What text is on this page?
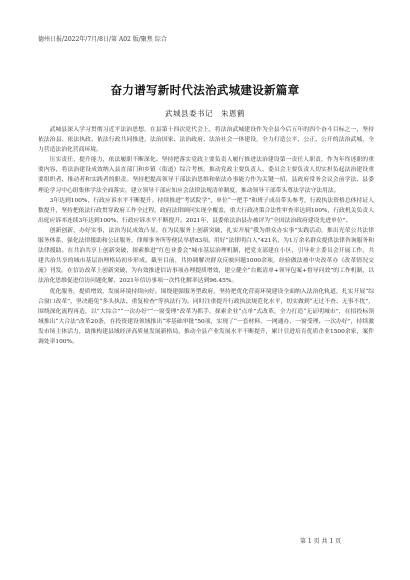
德州日报/2022年/7月/8日/第 A02 版/聚焦 综合
奋力谱写新时代法治武城建设新篇章
武城县委书记　朱恩鹤

武城县深入学习贯彻习近平法治思想，在县第十四次党代会上，将法治武城建设作为全县今后五年的四个奋斗目标之一，坚持依法治县、依法执政、依法行政共同推进，法治国家、法治政府、法治社会一体建设，全力打造公平、公正、公开的法治武城，全力营造法治化营商环境。

压实责任，提升能力，依法履职不断深化。坚持把落实党政主要负责人履行推进法治建设第一责任人职责，作为年终述职的重要内容，将法治建设成效纳入县直部门和乡镇（街道）综合考核，推动党政主要负责人、委员会主要负责人切实担负起法治建设重要组织者、推动者和实践者的职责。坚持把提高领导干部法治思维和依法办事能力作为关键一招，县政府常务会议会前学法、县委理论学习中心组集体学法全面落实，建立领导干部应知应会法律法规清单制度，推动领导干部带头尊法学法守法用法。

3年达到100%，行政应诉水平不断提升。持续推进“考试院学”，单位“一把手”和班子成员带头参考，行政执法资格总体持证人数提升，坚持把依法行政贯穿政府工作全过程，政府法律顾问实现全覆盖，重大行政决策合法性审查率达到100%，行政机关负责人出庭应诉率连续3年达到100%，行政应诉水平不断提升。2021年，县委依法治县办被评为“全国法治政府建设先进单位”。

创新创新，办好实事，法治为民成效凸显。在为民服务上创新突破，扎实开展“我为群众办实事”实践活动，推出光荣公共法律服务体系，强化法律援助和公证服务，律师事务所等便民举措83项。用好“法律明白人”421名，为1万余名群众提供法律咨询服务和法律援助。在共治共享上创新突破，探索推进“红色业委会”城市基层治理机制，把党支部建在小区，引导业主委员会开展工作，共建共治共享的城市基层治理格局初步形成。截至目前，共协调解决群众反映问题1000余项，经验做法被中央改革办《改革情况交流》刊发。在信访改革上创新突破，为有效推进信访事项办理提质增效，建立健全“台账清单+领导包案+督导问效”的工作机制，以法治化思维促进信访问题化解，2021年信访事项一次性化解率达到96.45%。

优化服务，提质增效，发展环境持续向好。围绕建强服务型政府，坚持把优化营商环境建设全面纳入法治化轨道，扎实开展“综合窗口改革”，坚决避免“多头执法、重复检查”等执法行为。同时注重提升行政执法规范化水平，切实做到“无过不查、无事不扰”，围绕深化流程再造，以“大综合”“一次办好”“一窗受理”改革为抓手，探索企业“点单”式改革，全力打造“无证明城市”，在招投标领域推出“大合法”改革20条，在投资建设领域推出“零基础审批”50项，实现了“一套材料、一网通办、一窗受理、一次办好”，持续激发市场主体活力，助推构建县域经济高质量发展新格局，推动全县产业发展水平不断提升，累计引进培育优质企业1500余家，案件调处率100%。

第 1 页 共 1 页
